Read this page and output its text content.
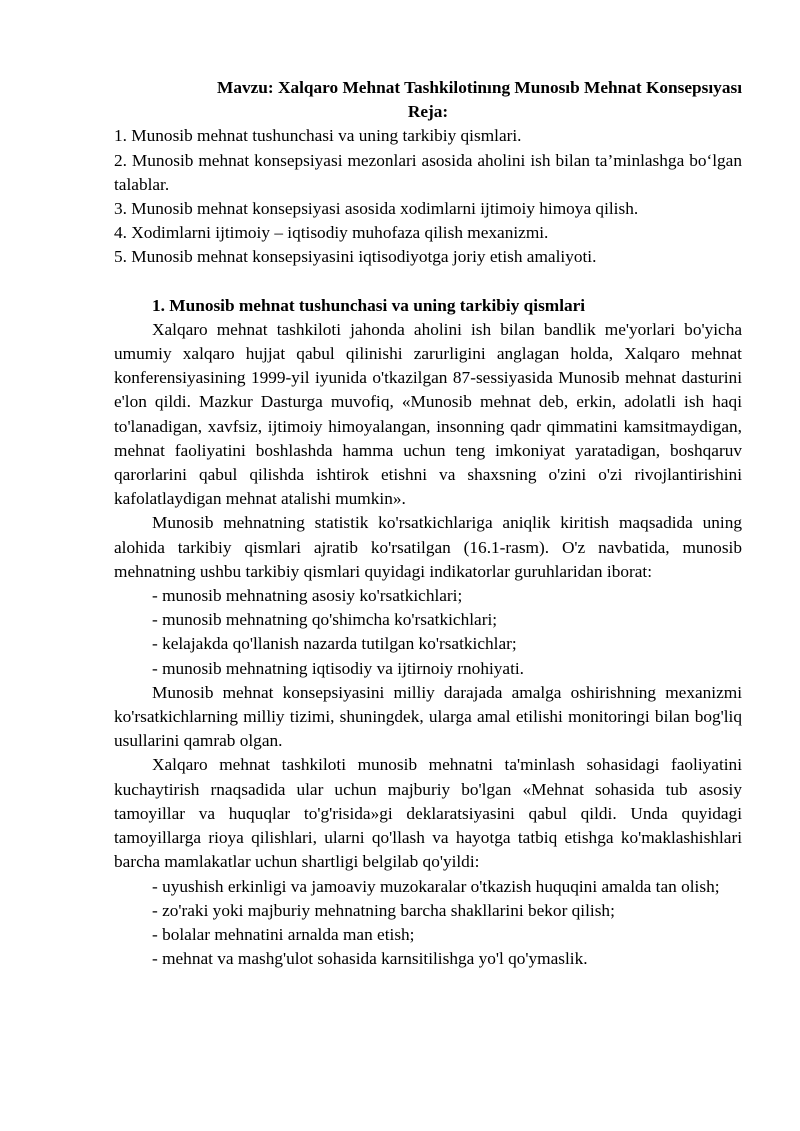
Mavzu: Xalqaro Mehnat Tashkilotinıng Munosıb Mehnat Konsepsıyası
Reja:
1. Munosib mehnat tushunchasi va uning tarkibiy qismlari.
2. Munosib mehnat konsepsiyasi mezonlari asosida aholini ish bilan ta’minlashga bo‘lgan talablar.
3. Munosib mehnat konsepsiyasi asosida xodimlarni ijtimoiy himoya qilish.
4. Xodimlarni ijtimoiy – iqtisodiy muhofaza qilish mexanizmi.
5. Munosib mehnat konsepsiyasini iqtisodiyotga joriy etish amaliyoti.
1. Munosib mehnat tushunchasi va uning tarkibiy qismlari
Xalqaro mehnat tashkiloti jahonda aholini ish bilan bandlik me'yorlari bo'yicha umumiy xalqaro hujjat qabul qilinishi zarurligini anglagan holda, Xalqaro mehnat konferensiyasining 1999-yil iyunida o'tkazilgan 87-sessiyasida Munosib mehnat dasturini e'lon qildi. Mazkur Dasturga muvofiq, «Munosib mehnat deb, erkin, adolatli ish haqi to'lanadigan, xavfsiz, ijtimoiy himoyalangan, insonning qadr qimmatini kamsitmaydigan, mehnat faoliyatini boshlashda hamma uchun teng imkoniyat yaratadigan, boshqaruv qarorlarini qabul qilishda ishtirok etishni va shaxsning o'zini o'zi rivojlantirishini kafolatlaydigan mehnat atalishi mumkin».
Munosib mehnatning statistik ko'rsatkichlariga aniqlik kiritish maqsadida uning alohida tarkibiy qismlari ajratib ko'rsatilgan (16.1-rasm). O'z navbatida, munosib mehnatning ushbu tarkibiy qismlari quyidagi indikatorlar guruhlaridan iborat:
- munosib mehnatning asosiy ko'rsatkichlari;
- munosib mehnatning qo'shimcha ko'rsatkichlari;
- kelajakda qo'llanish nazarda tutilgan ko'rsatkichlar;
- munosib mehnatning iqtisodiy va ijtirnoiy rnohiyati.
Munosib mehnat konsepsiyasini milliy darajada amalga oshirishning mexanizmi ko'rsatkichlarning milliy tizimi, shuningdek, ularga amal etilishi monitoringi bilan bog'liq usullarini qamrab olgan.
Xalqaro mehnat tashkiloti munosib mehnatni ta'minlash sohasidagi faoliyatini kuchaytirish rnaqsadida ular uchun majburiy bo'lgan «Mehnat sohasida tub asosiy tamoyillar va huquqlar to'g'risida»gi deklaratsiyasini qabul qildi. Unda quyidagi tamoyillarga rioya qilishlari, ularni qo'llash va hayotga tatbiq etishga ko'maklashishlari barcha mamlakatlar uchun shartligi belgilab qo'yildi:
- uyushish erkinligi va jamoaviy muzokaralar o'tkazish huquqini amalda tan olish;
- zo'raki yoki majburiy mehnatning barcha shakllarini bekor qilish;
- bolalar mehnatini arnalda man etish;
- mehnat va mashg'ulot sohasida karnsitilishga yo'l qo'ymaslik.
